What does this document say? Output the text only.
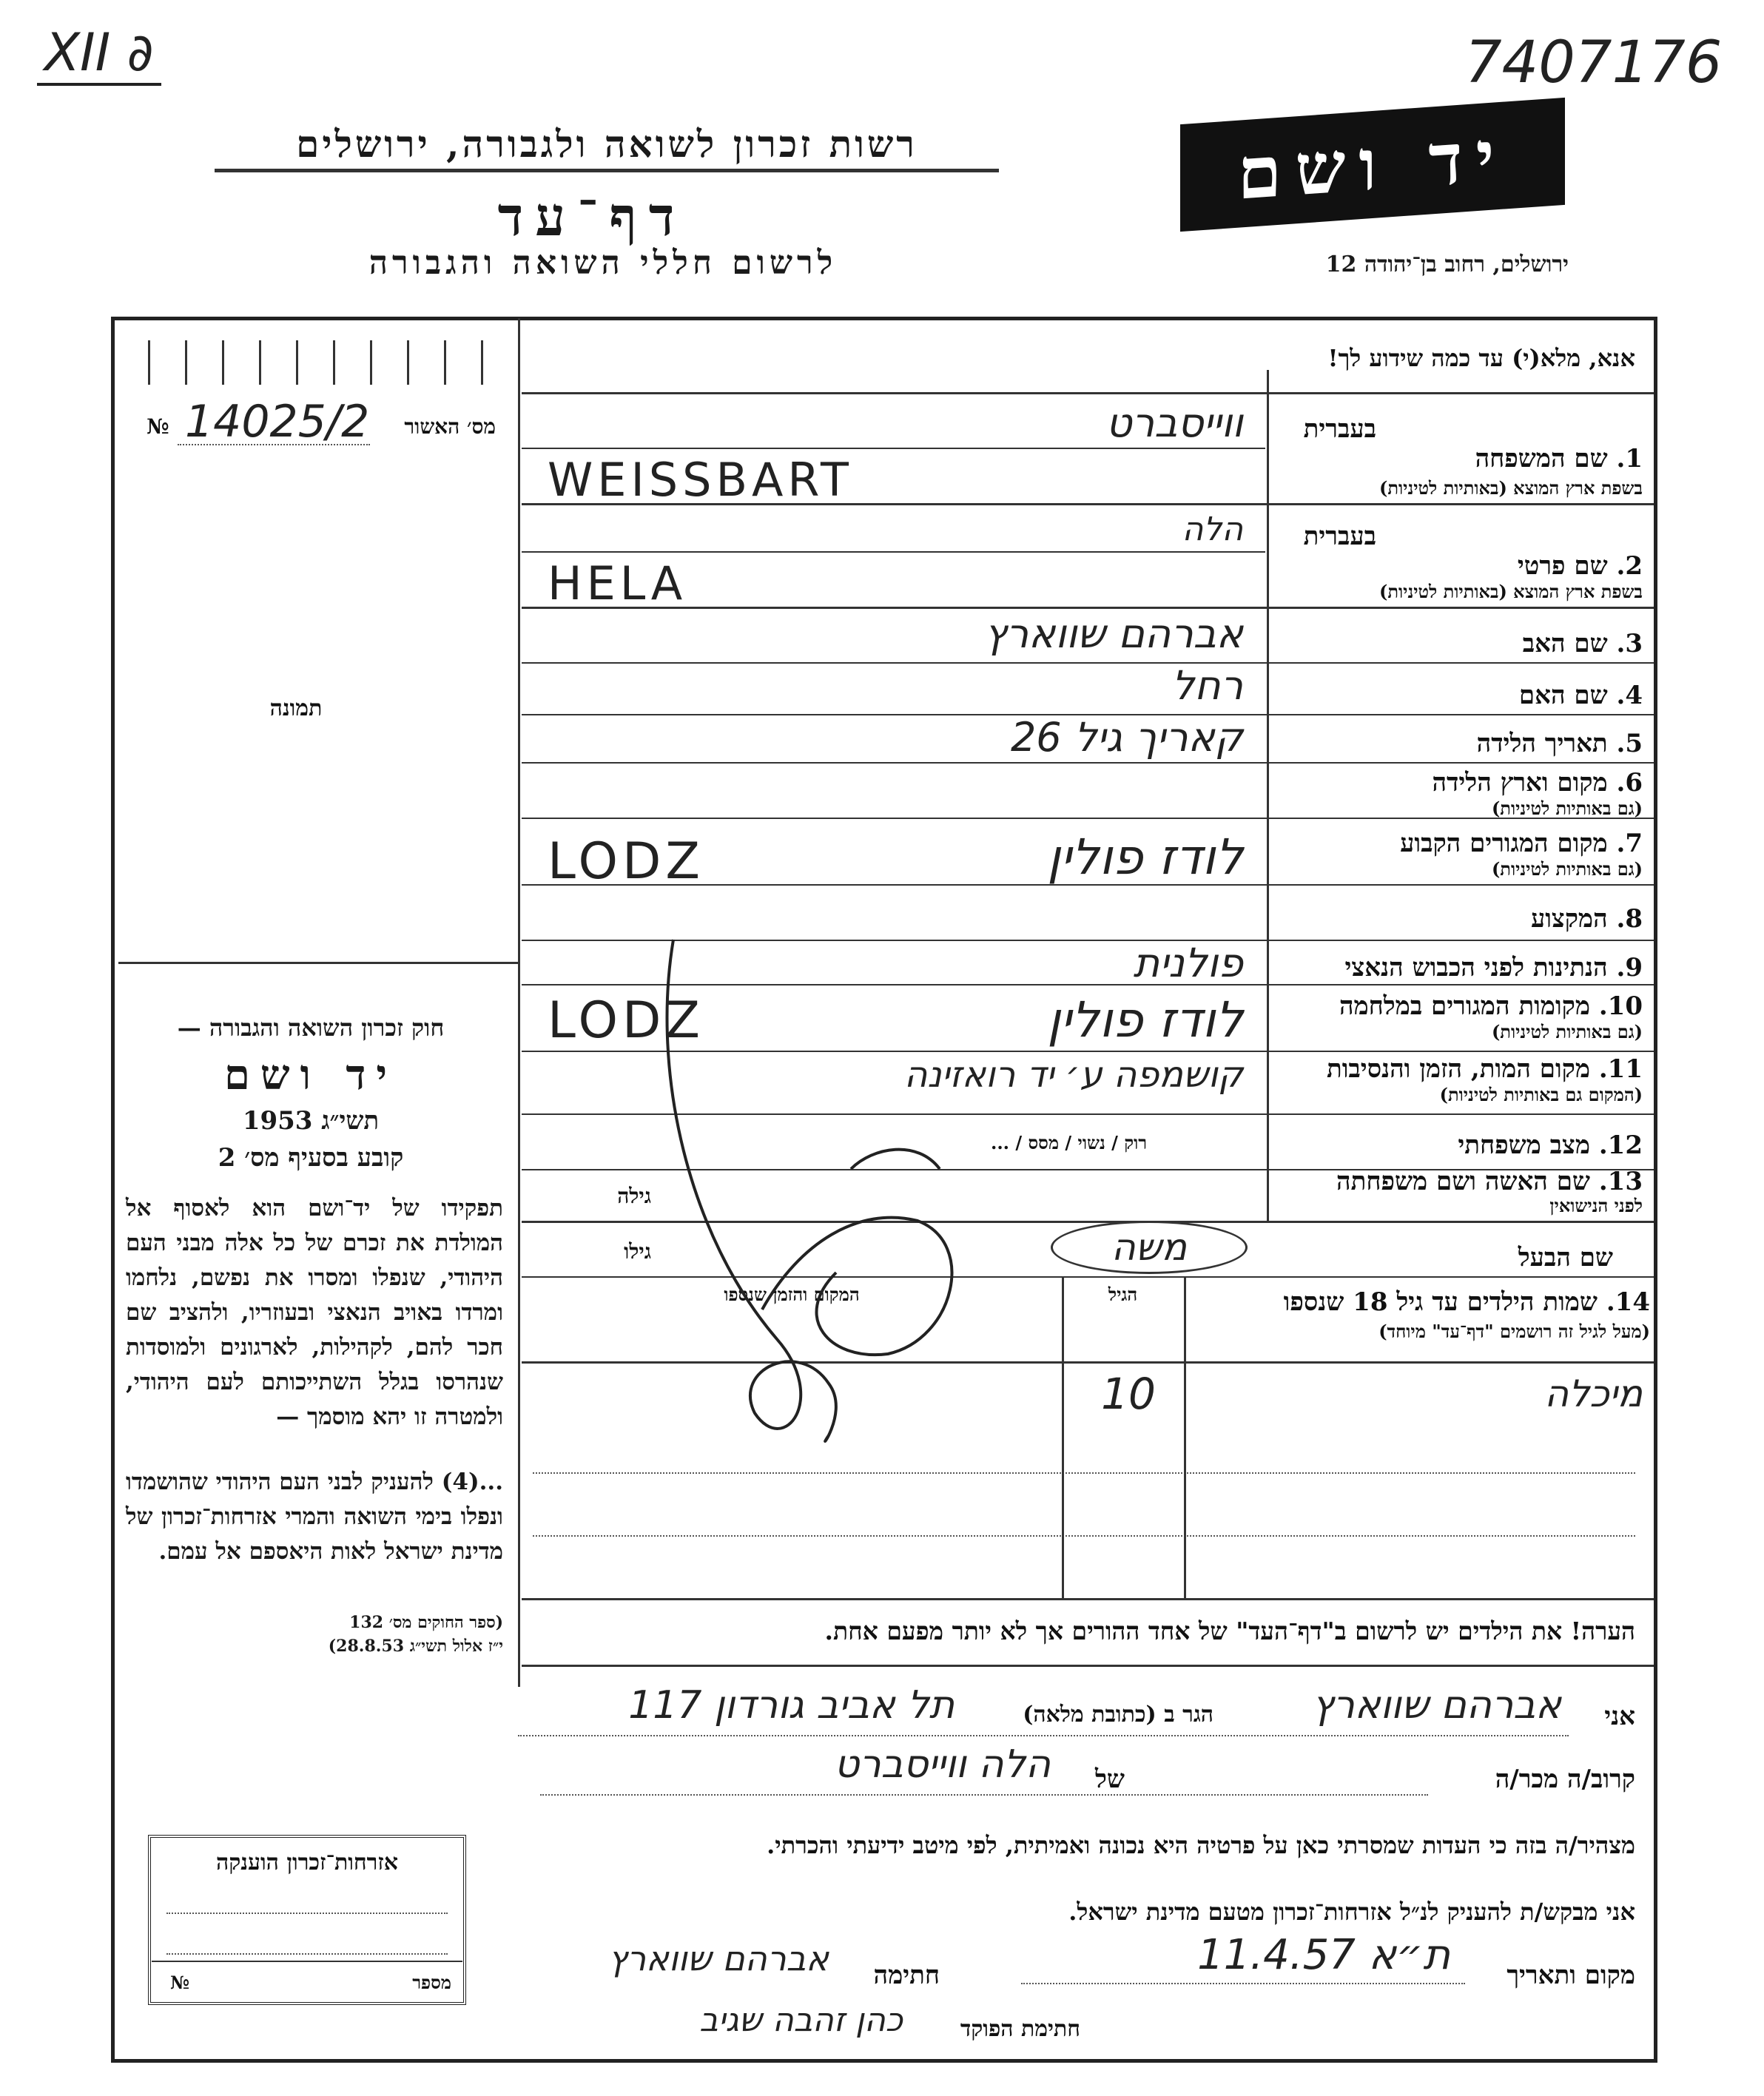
XII ∂	7407176
רשות זכרון לשואה ולגבורה, ירושלים
דף־עד
לרשום חללי השואה והגבורה
יד ושם
ירושלים, רחוב בן־יהודה 12
מס׳ האשור
№ 14025/2
תמונה
חוק זכרון השואה והגבורה —
יד ושם
תשי״ג 1953
קובע בסעיף מס׳ 2
תפקידו של יד־ושם הוא לאסוף אל המולדת את זכרם של כל אלה מבני העם היהודי, שנפלו ומסרו את נפשם, נלחמו ומרדו באויב הנאצי ובעוזריו, ולהציב שם חכר להם, לקהילות, לארגונים ולמוסדות שנהרסו בגלל השתייכותם לעם היהודי, ולמטרה זו יהא מוסמך —
...(4) להעניק לבני העם היהודי שהושמדו ונפלו בימי השואה והמרי אזרחות־זכרון של מדינת ישראל לאות היאספם אל עמם.
(ספר החוקים מס׳ 132
י״ז אלול תשי״ג 28.8.53)
אנא, מלא(י) עד כמה שידוע לך!
בעברית
1. שם המשפחה
בשפת ארץ המוצא (באותיות לטיניות)
ווייסברט
WEISSBART
בעברית
2. שם פרטי
בשפת ארץ המוצא (באותיות לטיניות)
הלה
HELA
3. שם האב
אברהם שווארץ
4. שם האם
רחל
5. תאריך הלידה
קאריך גיל 26
6. מקום וארץ הלידה
(גם באותיות לטיניות)
7. מקום המגורים הקבוע
(גם באותיות לטיניות)
לודז פולין
LODZ
8. המקצוע
9. הנתינות לפני הכבוש הנאצי
פולנית
10. מקומות המגורים במלחמה
(גם באותיות לטיניות)
לודז פולין
LODZ
11. מקום המות, הזמן והנסיבות
(המקום גם באותיות לטיניות)
קושמפה ע׳ יד רואזינה
12. מצב משפחתי
רוק / נשוי / מסס / ...
13. שם האשה ושם משפחתה
לפני הנישואין
גילה
שם הבעל
משה
גילו
14. שמות הילדים עד גיל 18 שנספו
(מעל לגיל זה רושמים "דף־עד" מיוחד)
הגיל
המקום והזמן שנספו
מיכלה
10
הערה! את הילדים יש לרשום ב"דף־העד" של אחד ההורים אך לא יותר מפעם אחת.
אני
אברהם שווארץ
הגר ב (כתובת מלאה)
תל אביב גורדון 117
קרוב/ה מכר/ה
של
הלה ווייסברט
מצהיר/ה בזה כי העדות שמסרתי כאן על פרטיה היא נכונה ואמיתית, לפי מיטב ידיעתי והכרתי.
אני מבקש/ת להעניק לנ״ל אזרחות־זכרון מטעם מדינת ישראל.
מקום ותאריך
ת״א 11.4.57
חתימה
אברהם שווארץ
חתימת הפוקד
כהן זהבה שגיב
אזרחות־זכרון הוענקה
מספר
№
